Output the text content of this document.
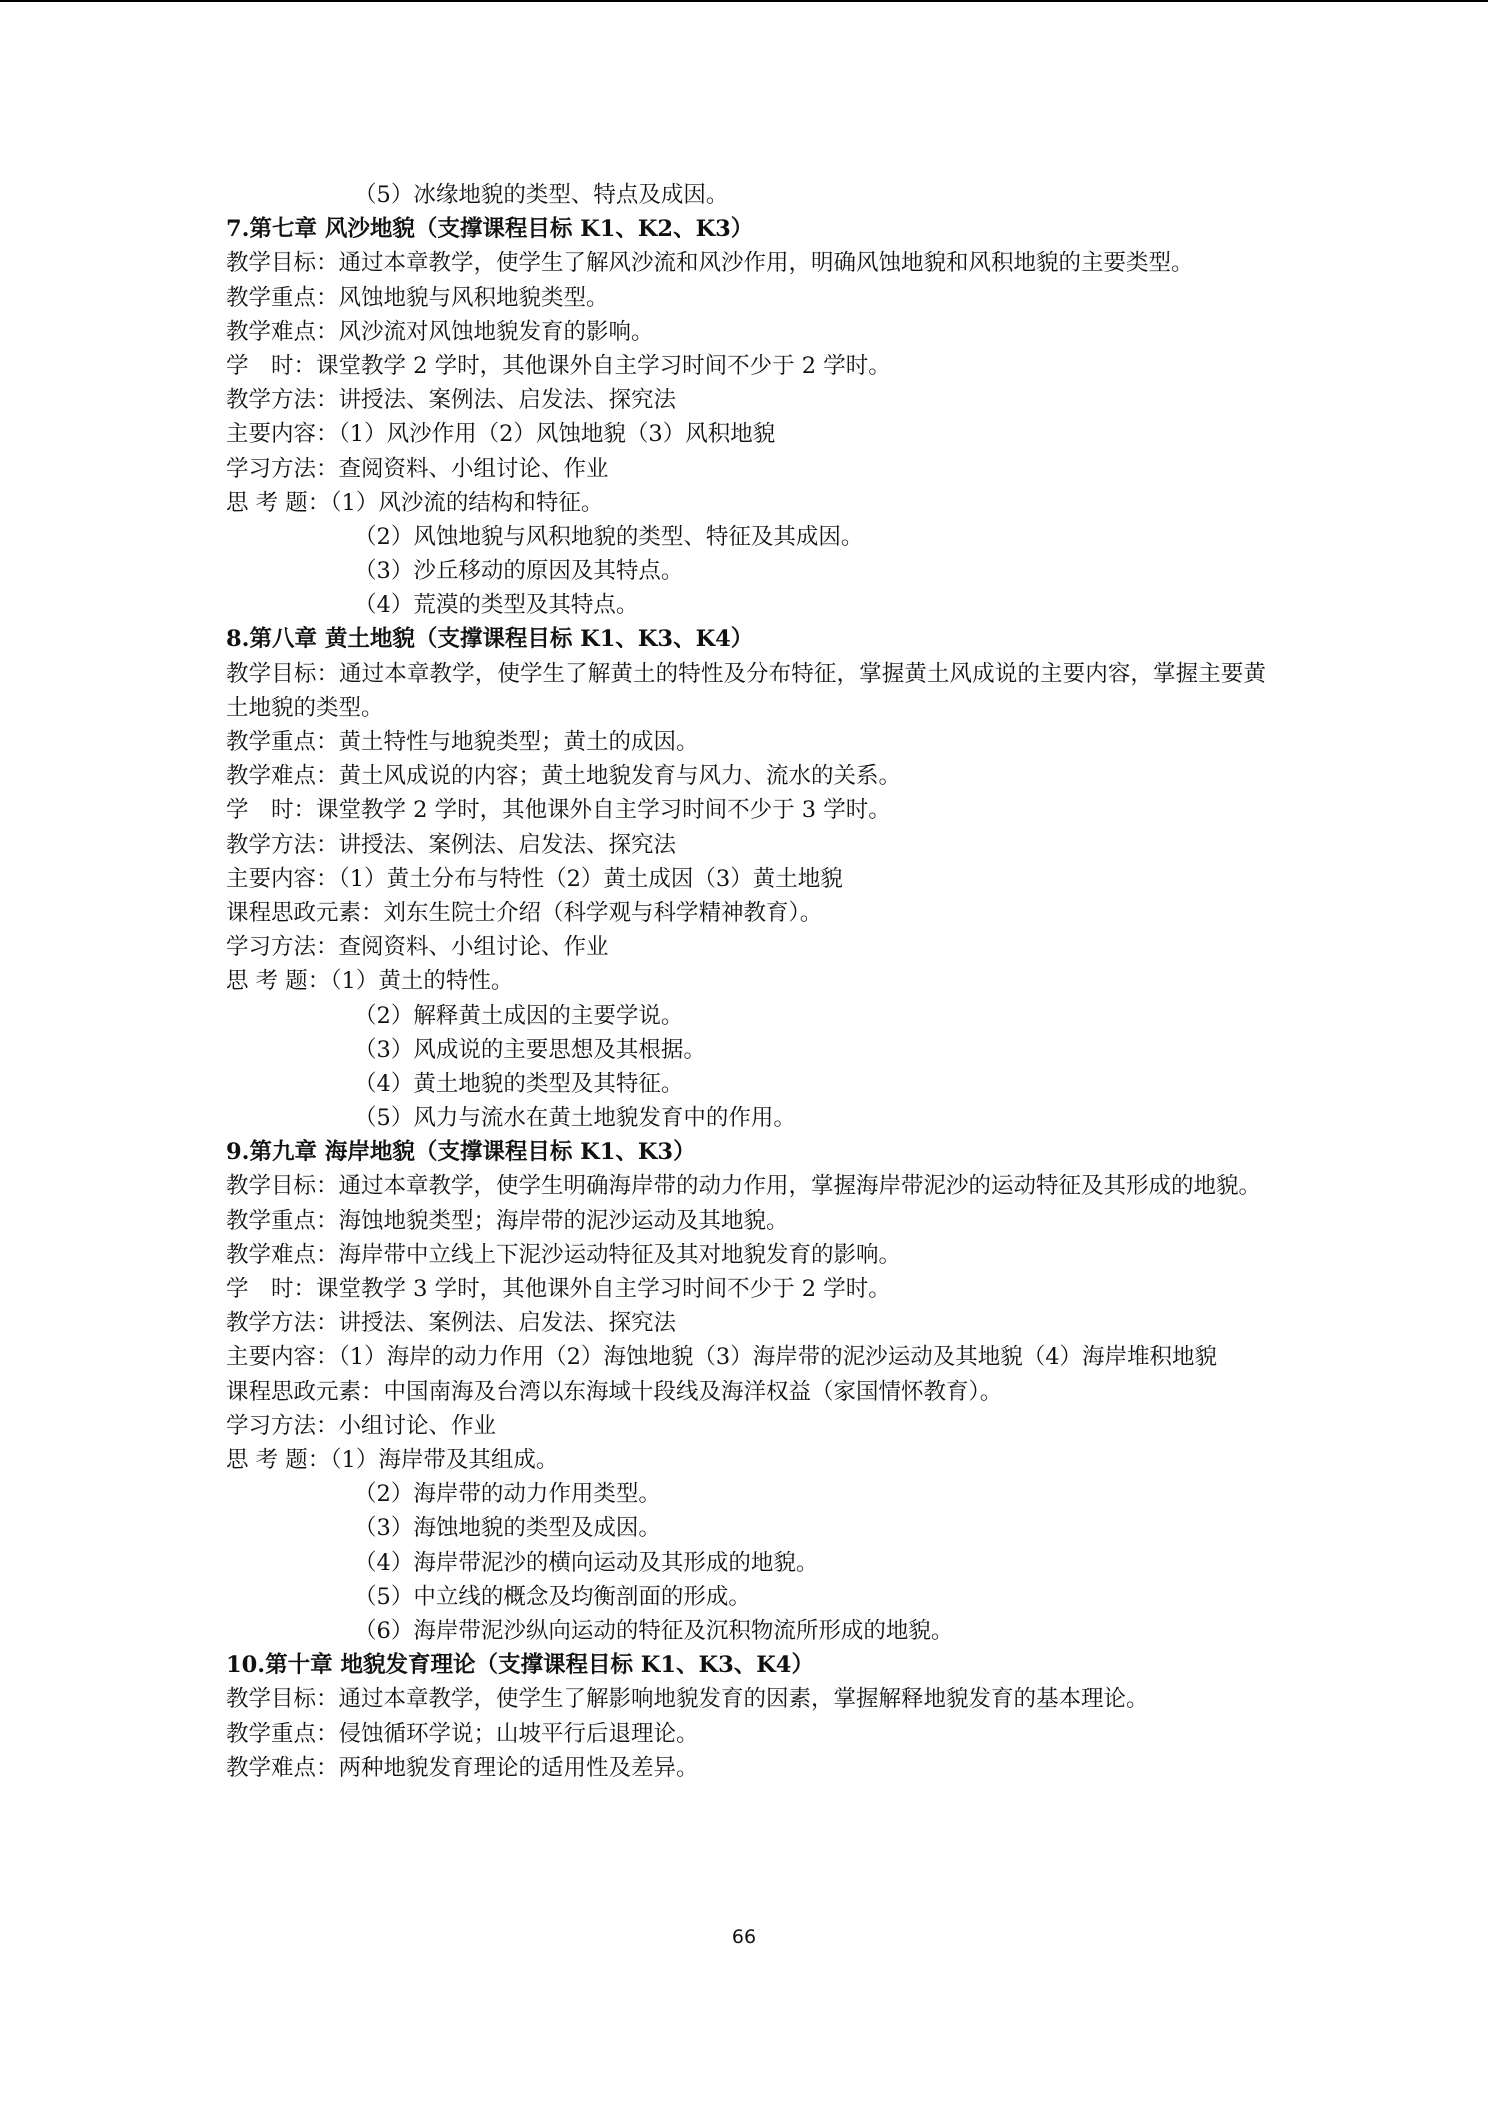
（5）冰缘地貌的类型、特点及成因。
7.第七章 风沙地貌（支撑课程目标 K1、K2、K3）
教学目标：通过本章教学，使学生了解风沙流和风沙作用，明确风蚀地貌和风积地貌的主要类型。
教学重点：风蚀地貌与风积地貌类型。
教学难点：风沙流对风蚀地貌发育的影响。
学　时：课堂教学 2 学时，其他课外自主学习时间不少于 2 学时。
教学方法：讲授法、案例法、启发法、探究法
主要内容：（1）风沙作用（2）风蚀地貌（3）风积地貌
学习方法：查阅资料、小组讨论、作业
思 考 题：（1）风沙流的结构和特征。
（2）风蚀地貌与风积地貌的类型、特征及其成因。
（3）沙丘移动的原因及其特点。
（4）荒漠的类型及其特点。
8.第八章 黄土地貌（支撑课程目标 K1、K3、K4）
教学目标：通过本章教学，使学生了解黄土的特性及分布特征，掌握黄土风成说的主要内容，掌握主要黄土地貌的类型。
教学重点：黄土特性与地貌类型；黄土的成因。
教学难点：黄土风成说的内容；黄土地貌发育与风力、流水的关系。
学　时：课堂教学 2 学时，其他课外自主学习时间不少于 3 学时。
教学方法：讲授法、案例法、启发法、探究法
主要内容：（1）黄土分布与特性（2）黄土成因（3）黄土地貌
课程思政元素：刘东生院士介绍（科学观与科学精神教育）。
学习方法：查阅资料、小组讨论、作业
思 考 题：（1）黄土的特性。
（2）解释黄土成因的主要学说。
（3）风成说的主要思想及其根据。
（4）黄土地貌的类型及其特征。
（5）风力与流水在黄土地貌发育中的作用。
9.第九章 海岸地貌（支撑课程目标 K1、K3）
教学目标：通过本章教学，使学生明确海岸带的动力作用，掌握海岸带泥沙的运动特征及其形成的地貌。
教学重点：海蚀地貌类型；海岸带的泥沙运动及其地貌。
教学难点：海岸带中立线上下泥沙运动特征及其对地貌发育的影响。
学　时：课堂教学 3 学时，其他课外自主学习时间不少于 2 学时。
教学方法：讲授法、案例法、启发法、探究法
主要内容：（1）海岸的动力作用（2）海蚀地貌（3）海岸带的泥沙运动及其地貌（4）海岸堆积地貌
课程思政元素：中国南海及台湾以东海域十段线及海洋权益（家国情怀教育）。
学习方法：小组讨论、作业
思 考 题：（1）海岸带及其组成。
（2）海岸带的动力作用类型。
（3）海蚀地貌的类型及成因。
（4）海岸带泥沙的横向运动及其形成的地貌。
（5）中立线的概念及均衡剖面的形成。
（6）海岸带泥沙纵向运动的特征及沉积物流所形成的地貌。
10.第十章 地貌发育理论（支撑课程目标 K1、K3、K4）
教学目标：通过本章教学，使学生了解影响地貌发育的因素，掌握解释地貌发育的基本理论。
教学重点：侵蚀循环学说；山坡平行后退理论。
教学难点：两种地貌发育理论的适用性及差异。
66
